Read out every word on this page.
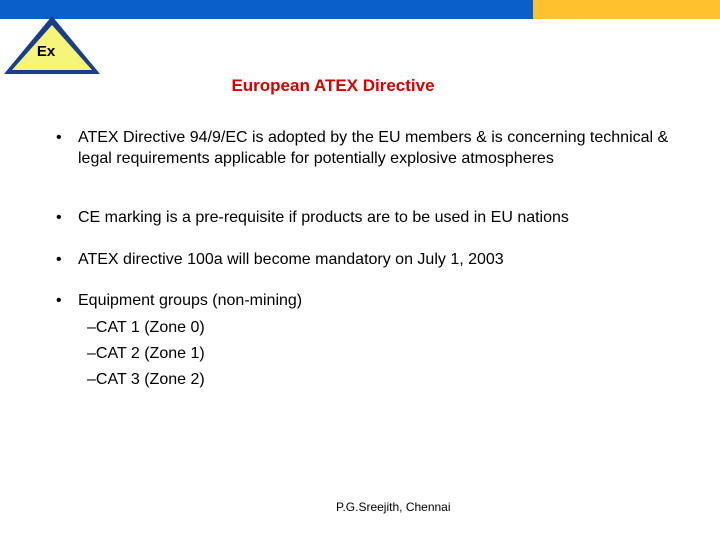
Ex
European ATEX Directive
• ATEX Directive 94/9/EC is adopted by the EU members & is concerning technical & legal requirements applicable for potentially explosive atmospheres
• CE marking is a pre-requisite if products are to be used in EU nations
• ATEX directive 100a will become mandatory on July 1, 2003
• Equipment groups (non-mining)
–CAT 1 (Zone 0)
–CAT 2 (Zone 1)
–CAT 3 (Zone 2)
P.G.Sreejith, Chennai
